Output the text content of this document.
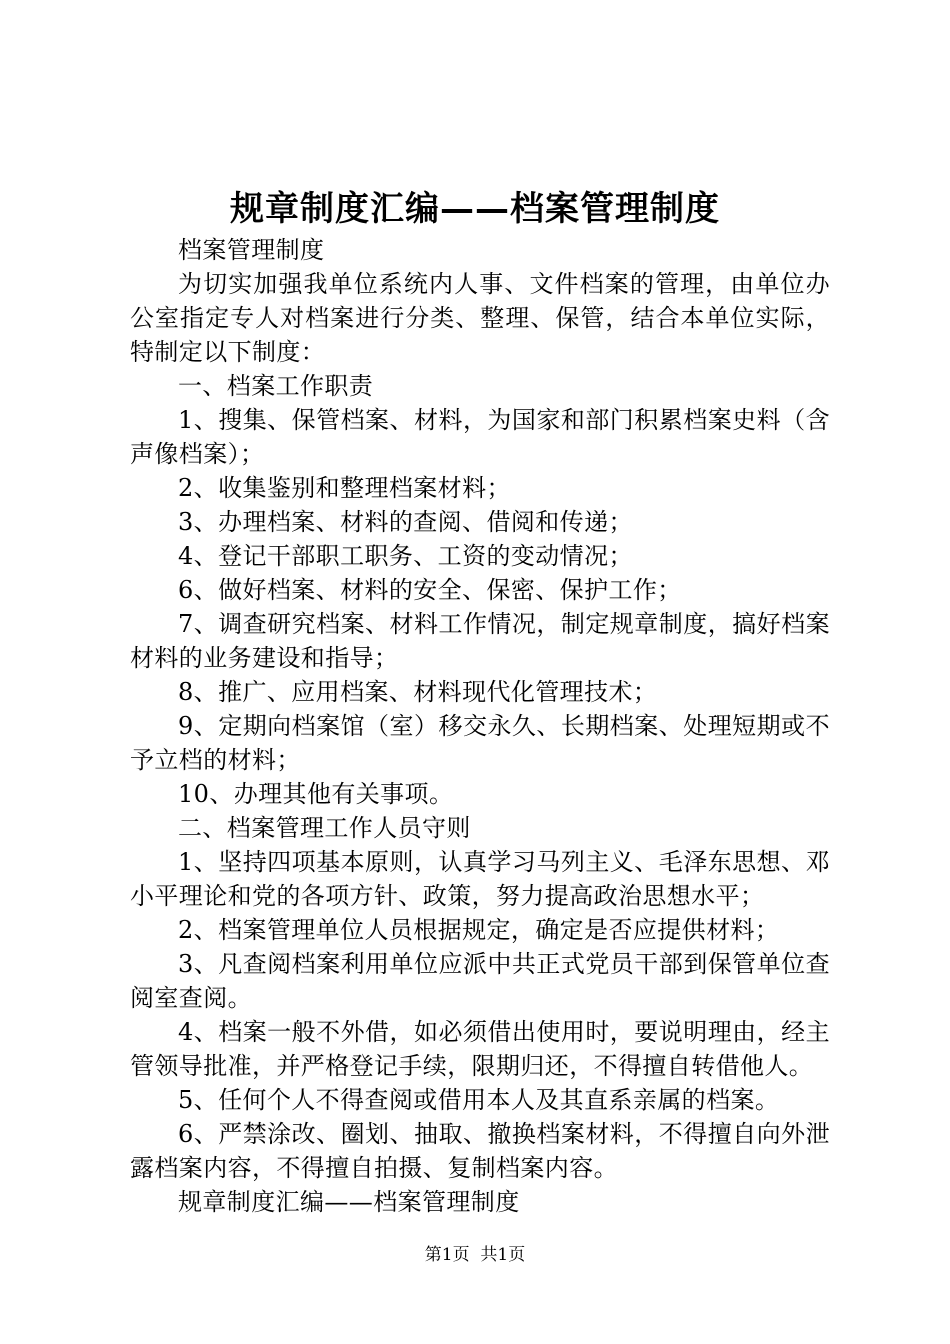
规章制度汇编——档案管理制度

档案管理制度

为切实加强我单位系统内人事、文件档案的管理，由单位办公室指定专人对档案进行分类、整理、保管，结合本单位实际，特制定以下制度：

一、档案工作职责

1、搜集、保管档案、材料，为国家和部门积累档案史料（含声像档案）；

2、收集鉴别和整理档案材料；

3、办理档案、材料的查阅、借阅和传递；

4、登记干部职工职务、工资的变动情况；

6、做好档案、材料的安全、保密、保护工作；

7、调查研究档案、材料工作情况，制定规章制度，搞好档案材料的业务建设和指导；

8、推广、应用档案、材料现代化管理技术；

9、定期向档案馆（室）移交永久、长期档案、处理短期或不予立档的材料；

10、办理其他有关事项。

二、档案管理工作人员守则

1、坚持四项基本原则，认真学习马列主义、毛泽东思想、邓小平理论和党的各项方针、政策，努力提高政治思想水平；

2、档案管理单位人员根据规定，确定是否应提供材料；

3、凡查阅档案利用单位应派中共正式党员干部到保管单位查阅室查阅。

4、档案一般不外借，如必须借出使用时，要说明理由，经主管领导批准，并严格登记手续，限期归还，不得擅自转借他人。

5、任何个人不得查阅或借用本人及其直系亲属的档案。

6、严禁涂改、圈划、抽取、撤换档案材料，不得擅自向外泄露档案内容，不得擅自拍摄、复制档案内容。

规章制度汇编——档案管理制度

第1页  共1页
